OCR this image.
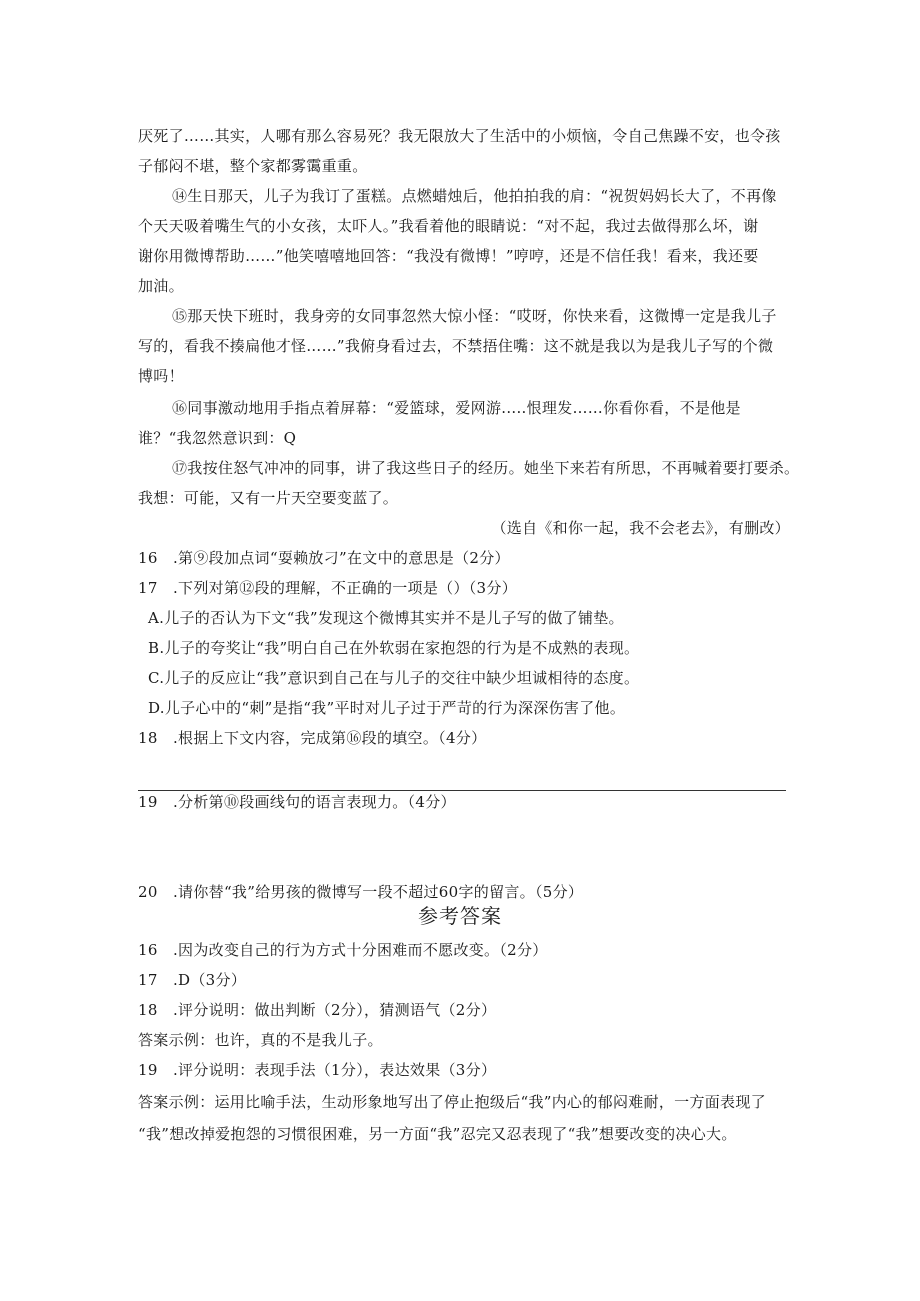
厌死了……其实，人哪有那么容易死？我无限放大了生活中的小烦恼，令自己焦躁不安，也令孩
子郁闷不堪，整个家都雾霭重重。
⑭生日那天，儿子为我订了蛋糕。点燃蜡烛后，他拍拍我的肩：“祝贺妈妈长大了，不再像
个天天吸着嘴生气的小女孩，太吓人。”我看着他的眼睛说：“对不起，我过去做得那么坏，谢
谢你用微博帮助……”他笑嘻嘻地回答：“我没有微博！”哼哼，还是不信任我！看来，我还要
加油。
⑮那天快下班时，我身旁的女同事忽然大惊小怪：“哎呀，你快来看，这微博一定是我儿子
写的，看我不揍扁他才怪……”我俯身看过去，不禁捂住嘴：这不就是我以为是我儿子写的个微
博吗！
⑯同事激动地用手指点着屏幕：“爱篮球，爱网游.....恨理发……你看你看，不是他是
谁？“我忽然意识到：Q
⑰我按住怒气冲冲的同事，讲了我这些日子的经历。她坐下来若有所思，不再喊着要打要杀。
我想：可能，又有一片天空要变蓝了。
（选自《和你一起，我不会老去》，有删改）
16　.第⑨段加点词“耍赖放刁”在文中的意思是（2分）
17　.下列对第⑫段的理解，不正确的一项是（）（3分）
A.儿子的否认为下文“我”发现这个微博其实并不是儿子写的做了铺垫。
B.儿子的夸奖让“我”明白自己在外软弱在家抱怨的行为是不成熟的表现。
C.儿子的反应让“我”意识到自己在与儿子的交往中缺少坦诚相待的态度。
D.儿子心中的“刺”是指“我”平时对儿子过于严苛的行为深深伤害了他。
18　.根据上下文内容，完成第⑯段的填空。（4分）
19　.分析第⑩段画线句的语言表现力。（4分）
20　.请你替“我”给男孩的微博写一段不超过60字的留言。（5分）
参考答案
16　.因为改变自己的行为方式十分困难而不愿改变。（2分）
17　.D（3分）
18　.评分说明：做出判断（2分），猜测语气（2分）
答案示例：也许，真的不是我儿子。
19　.评分说明：表现手法（1分），表达效果（3分）
答案示例：运用比喻手法，生动形象地写出了停止抱级后“我”内心的郁闷难耐，一方面表现了
“我”想改掉爱抱怨的习惯很困难，另一方面“我”忍完又忍表现了“我”想要改变的决心大。
